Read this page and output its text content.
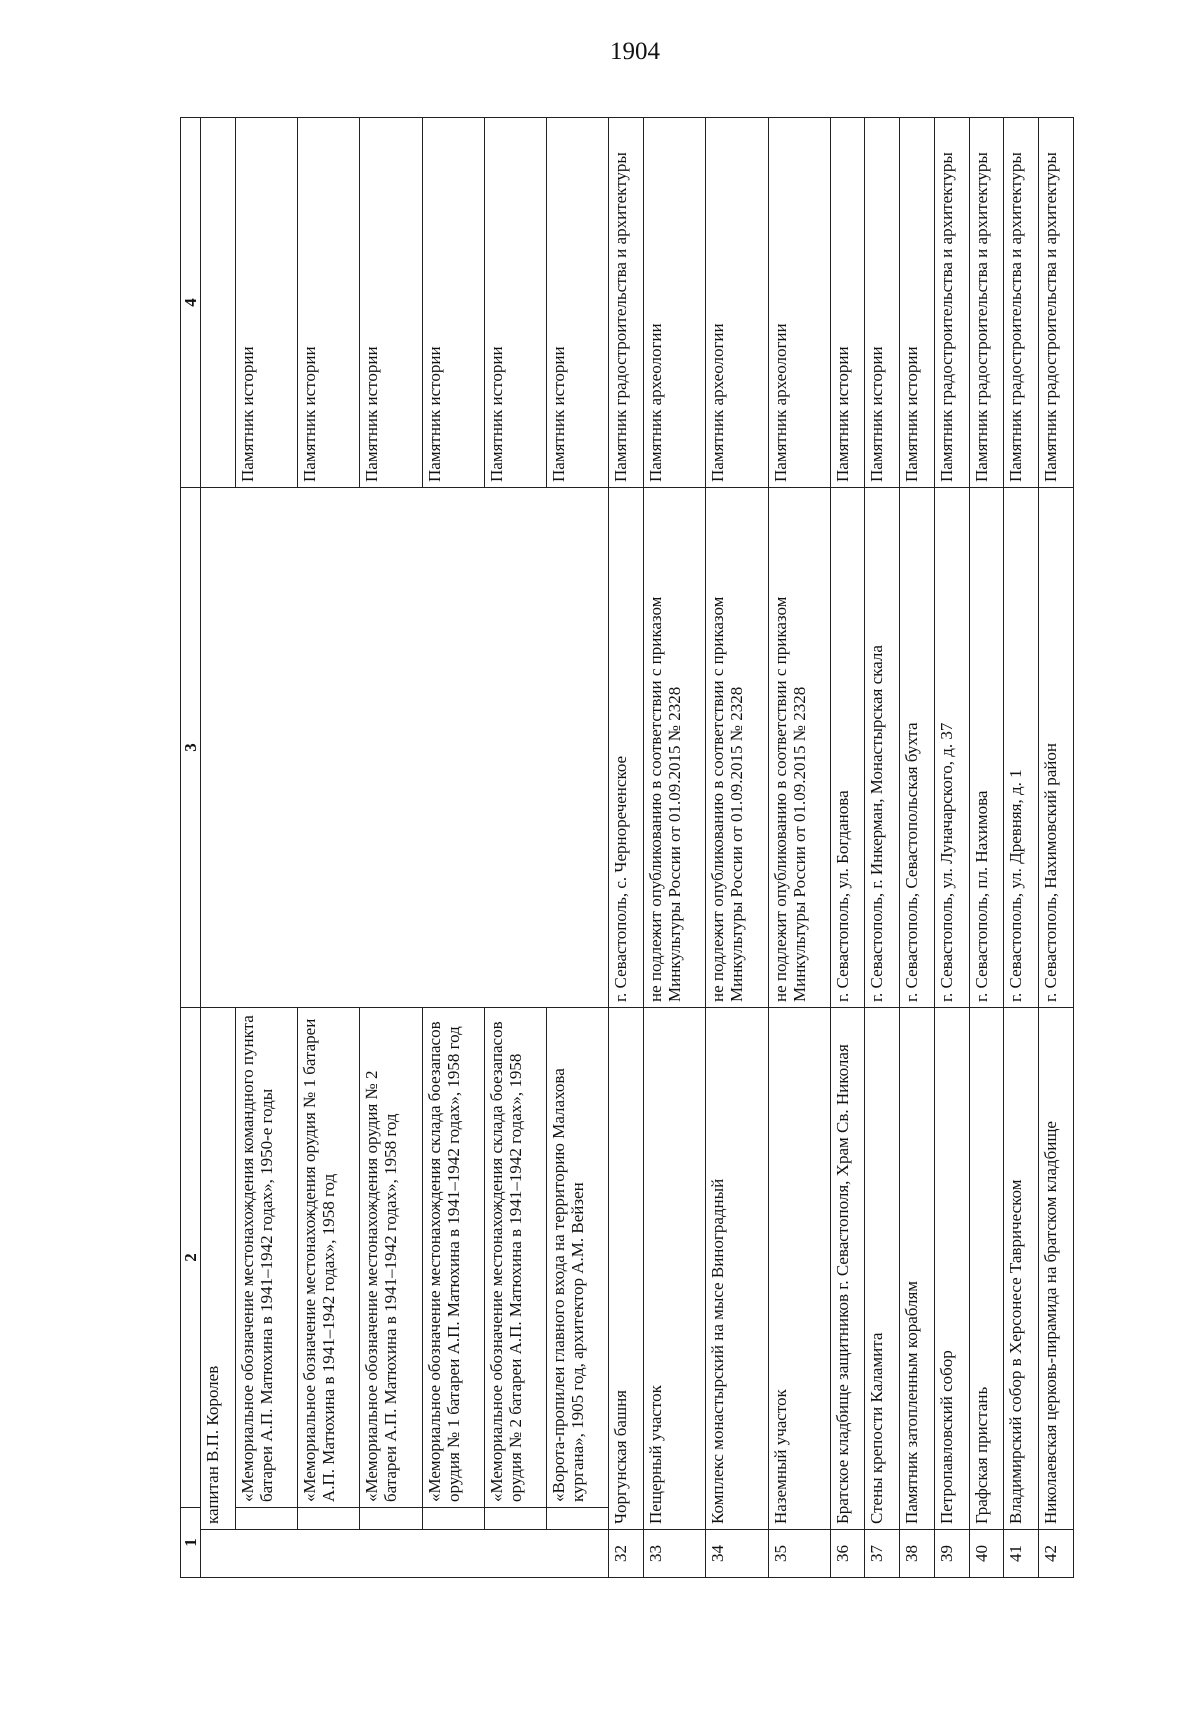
1904
1		2	3	4
	капитан В.П. Королев			
		«Мемориальное обозначение местонахождения командного пункта батареи А.П. Матюхина в 1941–1942 годах», 1950-е годы		Памятник истории
		«Мемориальное бозначение местонахождения орудия № 1 батареи А.П. Матюхина в 1941–1942 годах», 1958 год		Памятник истории
		«Мемориальное обозначение местонахождения орудия № 2 батареи А.П. Матюхина в 1941–1942 годах», 1958 год		Памятник истории
		«Мемориальное обозначение местонахождения склада боезапасов орудия № 1 батареи А.П. Матюхина в 1941–1942 годах», 1958 год		Памятник истории
		«Мемориальное обозначение местонахождения склада боезапасов орудия № 2 батареи А.П. Матюхина в 1941–1942 годах», 1958		Памятник истории
		«Ворота-пропилеи главного входа на территорию Малахова кургана», 1905 год, архитектор А.М. Вейзен		Памятник истории
32	Чоргунская башня		г. Севастополь, с. Чернореченское	Памятник градостроительства и архитектуры
33	Пещерный участок		не подлежит опубликованию в соответствии с приказом Минкультуры России от 01.09.2015 № 2328	Памятник археологии
34	Комплекс монастырский на мысе Виноградный		не подлежит опубликованию в соответствии с приказом Минкультуры России от 01.09.2015 № 2328	Памятник археологии
35	Наземный участок		не подлежит опубликованию в соответствии с приказом Минкультуры России от 01.09.2015 № 2328	Памятник археологии
36	Братское кладбище защитников г. Севастополя, Храм Св. Николая		г. Севастополь, ул. Богданова	Памятник истории
37	Стены крепости Каламита		г. Севастополь, г. Инкерман, Монастырская скала	Памятник истории
38	Памятник затопленным кораблям		г. Севастополь, Севастопольская бухта	Памятник истории
39	Петропавловский собор		г. Севастополь, ул. Луначарского, д. 37	Памятник градостроительства и архитектуры
40	Графская пристань		г. Севастополь, пл. Нахимова	Памятник градостроительства и архитектуры
41	Владимирский собор в Херсонесе Таврическом		г. Севастополь, ул. Древняя, д. 1	Памятник градостроительства и архитектуры
42	Николаевская церковь-пирамида на братском кладбище		г. Севастополь, Нахимовский район	Памятник градостроительства и архитектуры
